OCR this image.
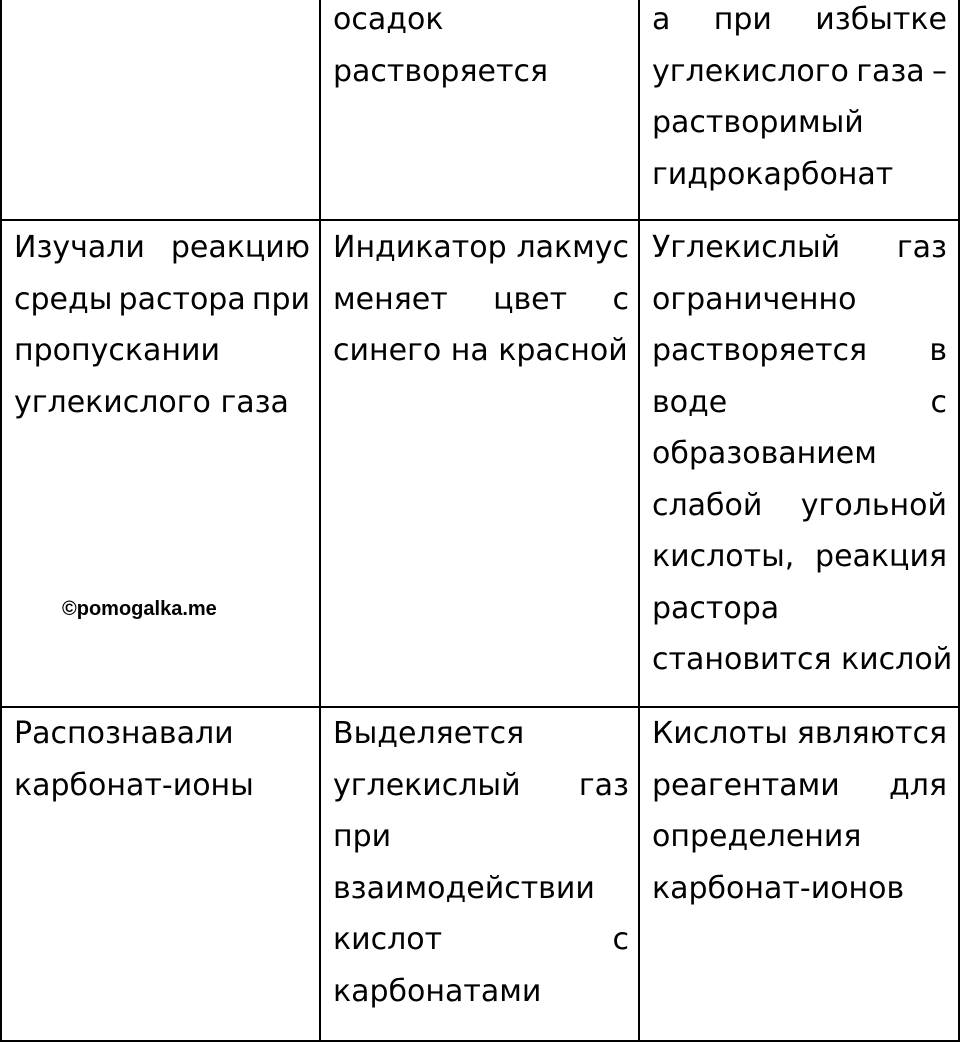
осадок
растворяется
а при избытке
углекислого газа –
растворимый
гидрокарбонат
Изучали реакцию
среды растора при
пропускании
углекислого газа
Индикатор лакмус
меняет цвет с
синего на красной
Углекислый газ
ограниченно
растворяется в
воде	с
образованием
слабой угольной
кислоты, реакция
растора
становится кислой
Распознавали
карбонат-ионы
Выделяется
углекислый газ
при
взаимодействии
кислот	с
карбонатами
Кислоты являются
реагентами для
определения
карбонат-ионов
©pomogalka.me
